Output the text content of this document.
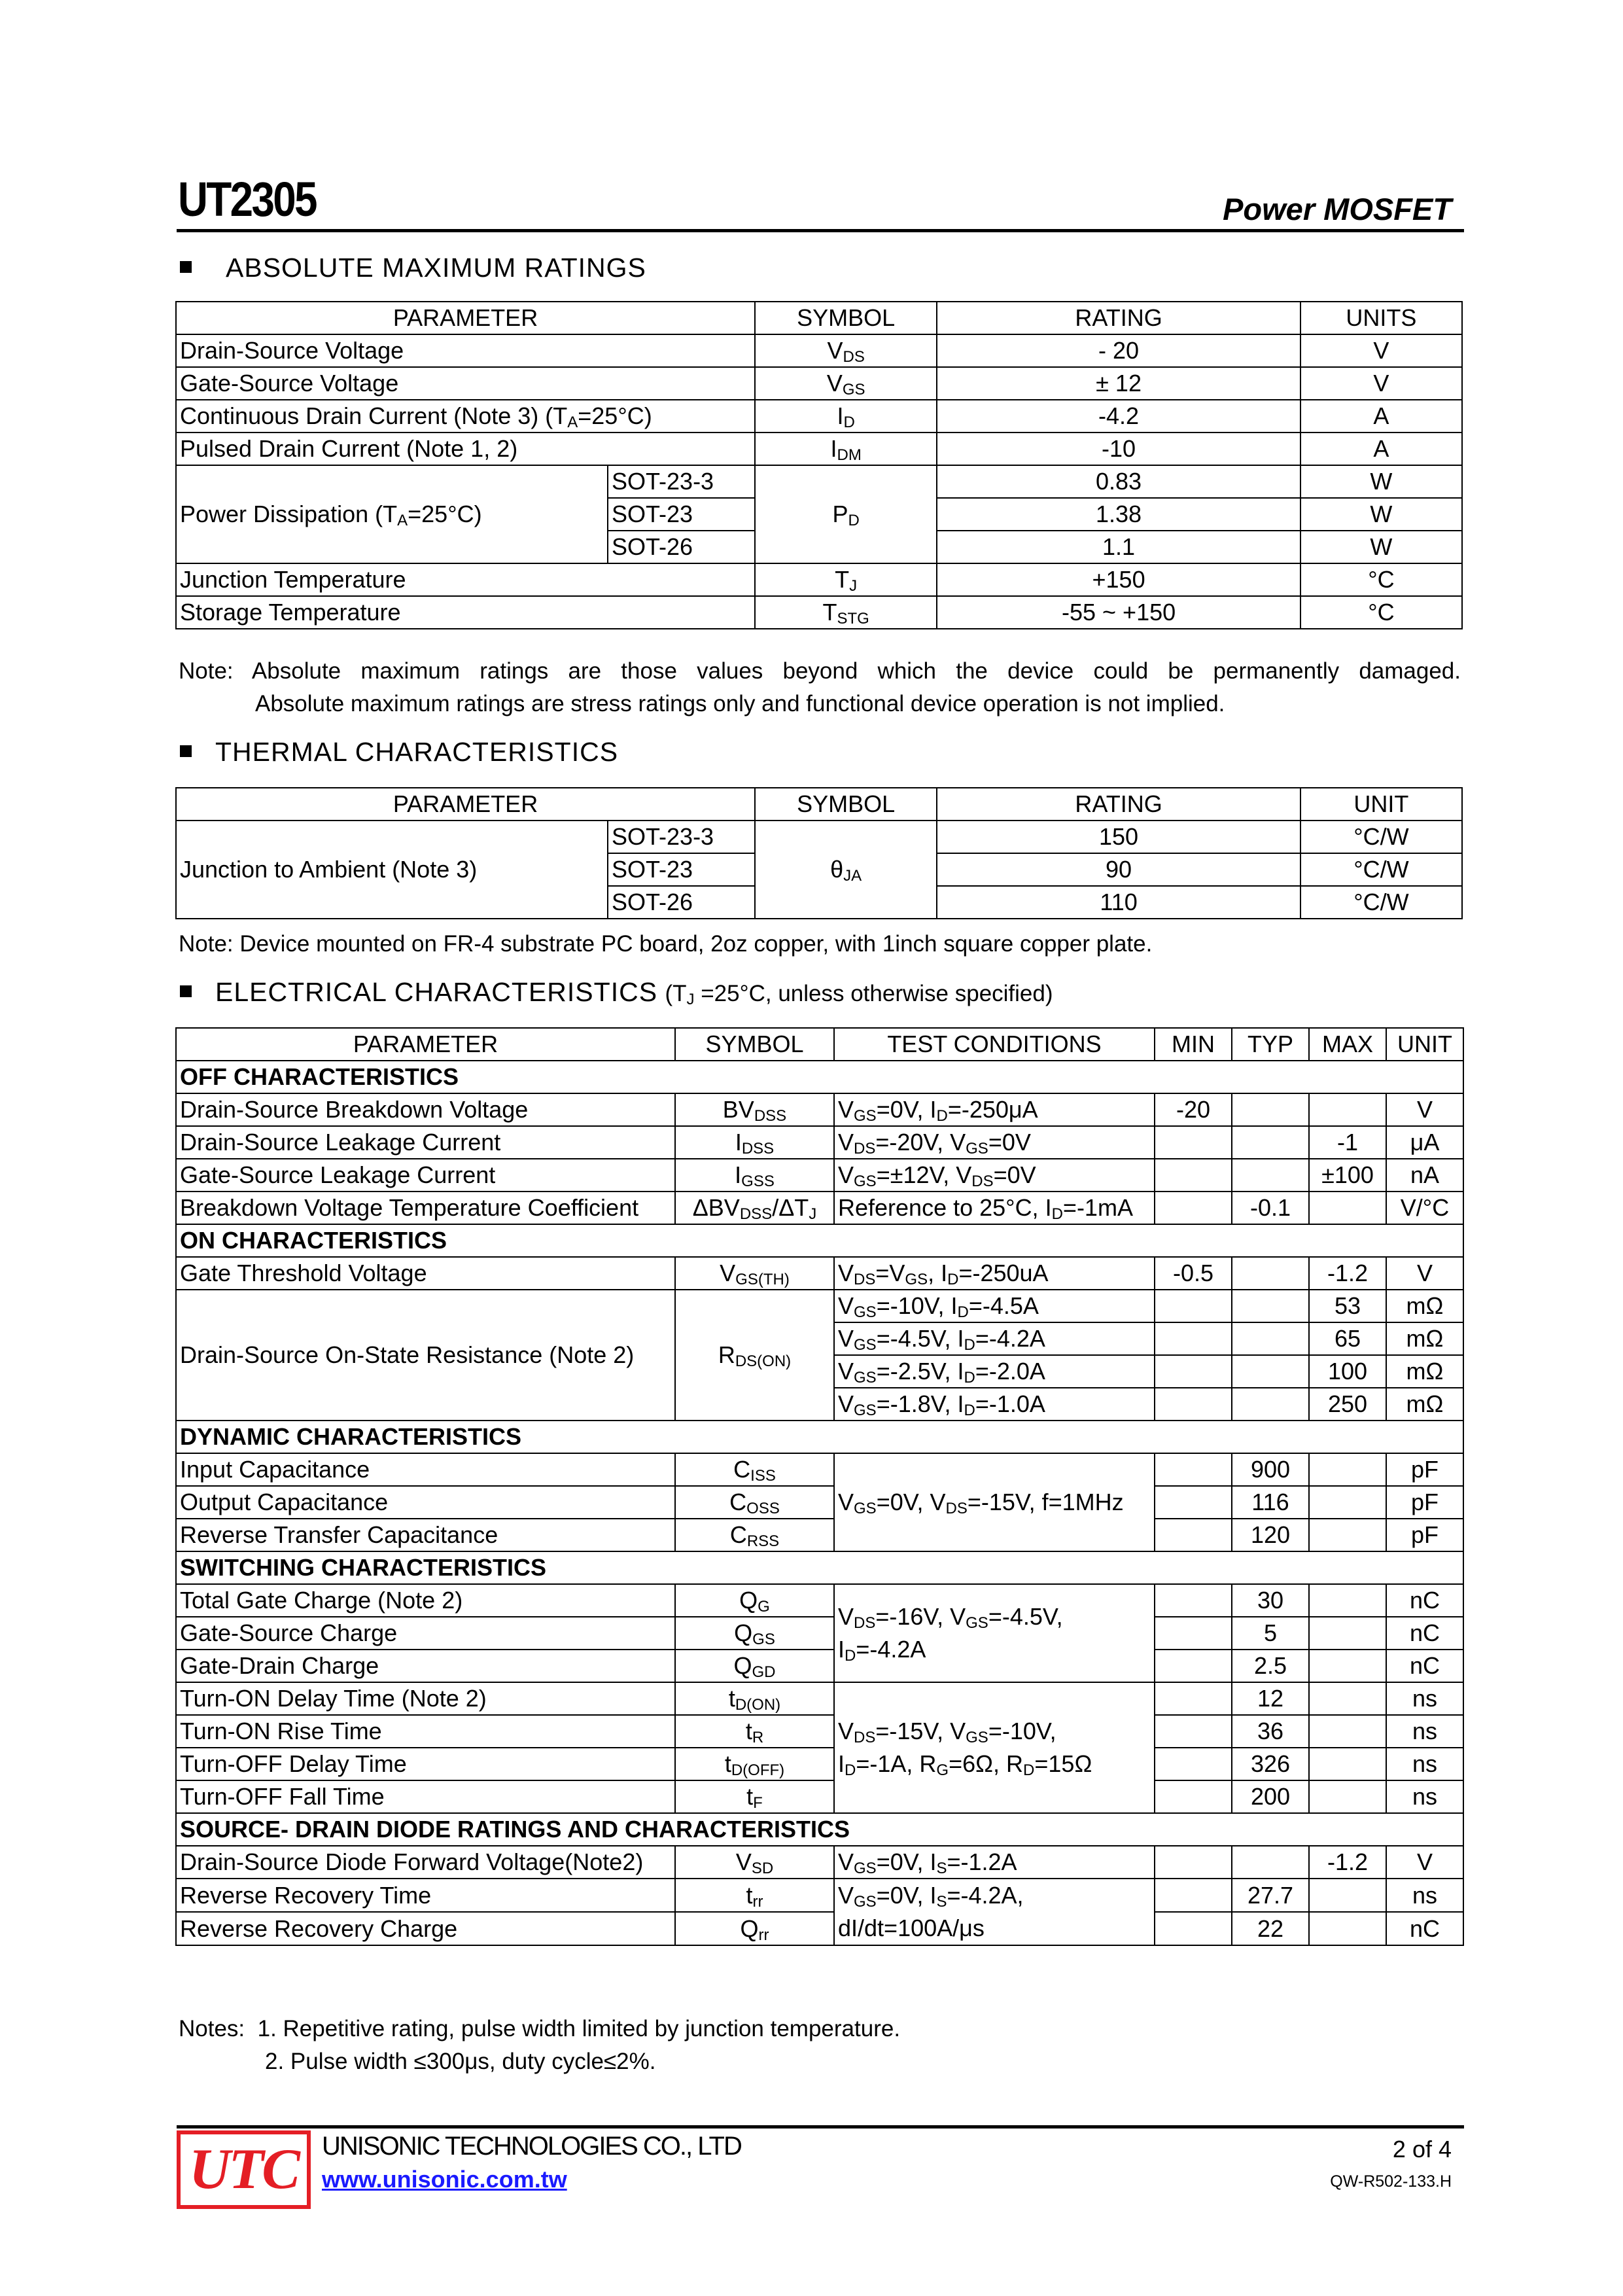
UT2305	Power MOSFET
ABSOLUTE MAXIMUM RATINGS
PARAMETER		SYMBOL	RATING	UNITS
Drain-Source Voltage		$V_{DS}$	- 20	V
Gate-Source Voltage		$V_{GS}$	± 12	V
Continuous Drain Current (Note 3) $(T_A=25^\circ C)$		$I_D$	-4.2	A
Pulsed Drain Current (Note 1, 2)		$I_{DM}$	-10	A
Power Dissipation $(T_A=25^\circ C)$	SOT-23-3	$P_D$	0.83	W
	SOT-23		1.38	W
	SOT-26		1.1	W
Junction Temperature		$T_J$	+150	°C
Storage Temperature		$T_{STG}$	-55 ~ +150	°C
Note: Absolute maximum ratings are those values beyond which the device could be permanently damaged.
Absolute maximum ratings are stress ratings only and functional device operation is not implied.
THERMAL CHARACTERISTICS
PARAMETER		SYMBOL	RATING	UNIT
Junction to Ambient (Note 3)	SOT-23-3	$\theta_{JA}$	150	°C/W
	SOT-23		90	°C/W
	SOT-26		110	°C/W
Note: Device mounted on FR-4 substrate PC board, 2oz copper, with 1inch square copper plate.
ELECTRICAL CHARACTERISTICS ($T_J =25^\circ C$, unless otherwise specified)
PARAMETER	SYMBOL	TEST CONDITIONS	MIN	TYP	MAX	UNIT
OFF CHARACTERISTICS						
Drain-Source Breakdown Voltage	$BV_{DSS}$	$V_{GS}=0V$, $I_D=-250\mu A$	-20			V
Drain-Source Leakage Current	$I_{DSS}$	$V_{DS}=-20V$, $V_{GS}=0V$			-1	μA
Gate-Source Leakage Current	$I_{GSS}$	$V_{GS}=\pm 12V$, $V_{DS}=0V$			±100	nA
Breakdown Voltage Temperature Coefficient	$\Delta BV_{DSS}/\Delta T_J$	Reference to 25°C, $I_D=-1mA$		-0.1		V/°C
ON CHARACTERISTICS						
Gate Threshold Voltage	$V_{GS(TH)}$	$V_{DS}=V_{GS}$, $I_D=-250uA$	-0.5		-1.2	V
Drain-Source On-State Resistance (Note 2)	$R_{DS(ON)}$	$V_{GS}=-10V$, $I_D=-4.5A$			53	mΩ
		$V_{GS}=-4.5V$, $I_D=-4.2A$			65	mΩ
		$V_{GS}=-2.5V$, $I_D=-2.0A$			100	mΩ
		$V_{GS}=-1.8V$, $I_D=-1.0A$			250	mΩ
DYNAMIC CHARACTERISTICS						
Input Capacitance	$C_{ISS}$	$V_{GS}=0V$, $V_{DS}=-15V$, f=1MHz		900		pF
Output Capacitance	$C_{OSS}$			116		pF
Reverse Transfer Capacitance	$C_{RSS}$			120		pF
SWITCHING CHARACTERISTICS						
Total Gate Charge (Note 2)	$Q_G$	$V_{DS}=-16V$, $V_{GS}=-4.5V$,
$I_D=-4.2A$		30		nC
Gate-Source Charge	$Q_{GS}$			5		nC
Gate-Drain Charge	$Q_{GD}$			2.5		nC
Turn-ON Delay Time (Note 2)	$t_{D(ON)}$	$V_{DS}=-15V$, $V_{GS}=-10V$,
$I_D=-1A$, $R_G=6\Omega$, $R_D=15\Omega$		12		ns
Turn-ON Rise Time	$t_R$			36		ns
Turn-OFF Delay Time	$t_{D(OFF)}$			326		ns
Turn-OFF Fall Time	$t_F$			200		ns
SOURCE- DRAIN DIODE RATINGS AND CHARACTERISTICS						
Drain-Source Diode Forward Voltage(Note2)	$V_{SD}$	$V_{GS}=0V$, $I_S=-1.2A$			-1.2	V
Reverse Recovery Time	$t_{rr}$	$V_{GS}=0V$, $I_S=-4.2A$,
dI/dt=100A/μs		27.7		ns
Reverse Recovery Charge	$Q_{rr}$			22		nC
Notes:  1. Repetitive rating, pulse width limited by junction temperature.
2. Pulse width ≤300μs, duty cycle≤2%.
UTC UNISONIC TECHNOLOGIES CO., LTD
www.unisonic.com.tw
2 of 4
QW-R502-133.H
